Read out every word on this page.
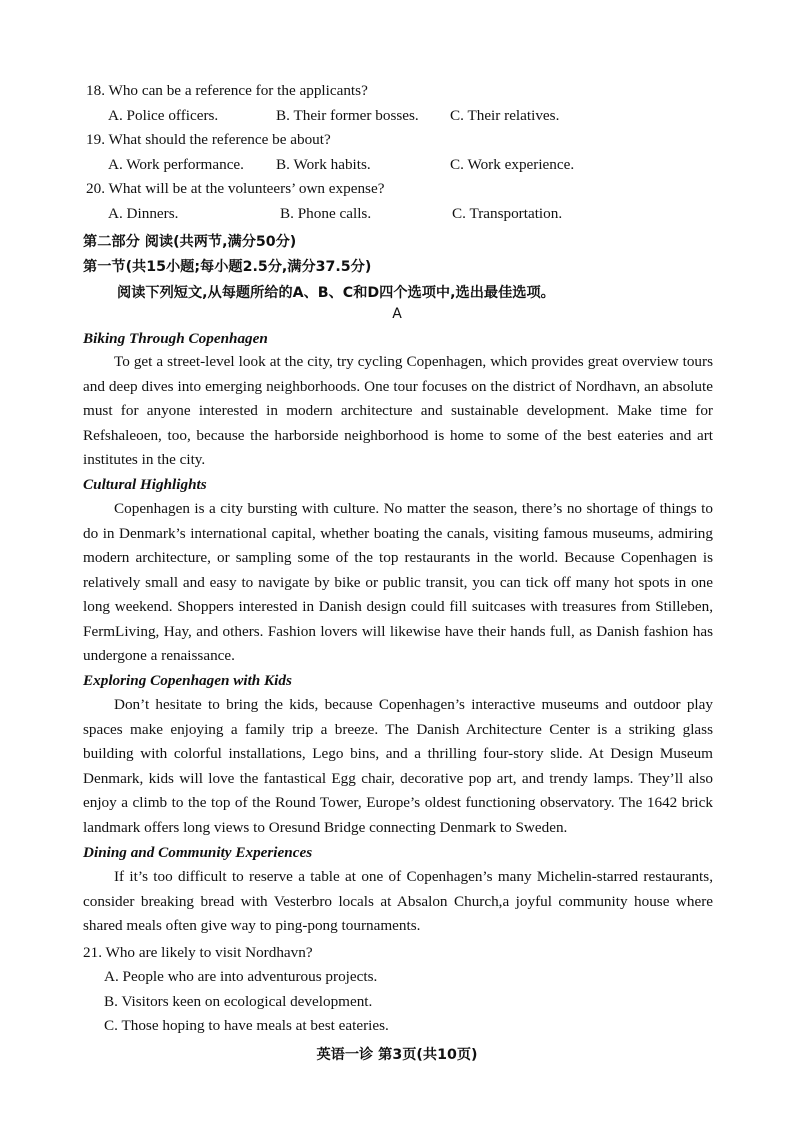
18. Who can be a reference for the applicants?
A. Police officers.	B. Their former bosses. C. Their relatives.
19. What should the reference be about?
A. Work performance. B. Work habits.	C. Work experience.
20. What will be at the volunteers’ own expense?
A. Dinners.	B. Phone calls.	C. Transportation.
第二部分 阅读(共两节,满分50分)
第一节(共15小题;每小题2.5分,满分37.5分)
阅读下列短文,从每题所给的A、B、C和D四个选项中,选出最佳选项。
A
Biking Through Copenhagen

To get a street-level look at the city, try cycling Copenhagen, which provides great overview tours and deep dives into emerging neighborhoods. One tour focuses on the district of Nordhavn, an absolute must for anyone interested in modern architecture and sustainable development. Make time for Refshaleoen, too, because the harborside neighborhood is home to some of the best eateries and art institutes in the city.

Cultural Highlights

Copenhagen is a city bursting with culture. No matter the season, there’s no shortage of things to do in Denmark’s international capital, whether boating the canals, visiting famous museums, admiring modern architecture, or sampling some of the top restaurants in the world. Because Copenhagen is relatively small and easy to navigate by bike or public transit, you can tick off many hot spots in one long weekend. Shoppers interested in Danish design could fill suitcases with treasures from Stilleben, FermLiving, Hay, and others. Fashion lovers will likewise have their hands full, as Danish fashion has undergone a renaissance.

Exploring Copenhagen with Kids

Don’t hesitate to bring the kids, because Copenhagen’s interactive museums and outdoor play spaces make enjoying a family trip a breeze. The Danish Architecture Center is a striking glass building with colorful installations, Lego bins, and a thrilling four-story slide. At Design Museum Denmark, kids will love the fantastical Egg chair, decorative pop art, and trendy lamps. They’ll also enjoy a climb to the top of the Round Tower, Europe’s oldest functioning observatory. The 1642 brick landmark offers long views to Oresund Bridge connecting Denmark to Sweden.

Dining and Community Experiences

If it’s too difficult to reserve a table at one of Copenhagen’s many Michelin-starred restaurants, consider breaking bread with Vesterbro locals at Absalon Church,a joyful community house where shared meals often give way to ping-pong tournaments.

21. Who are likely to visit Nordhavn?
A. People who are into adventurous projects.
B. Visitors keen on ecological development.
C. Those hoping to have meals at best eateries.
英语一诊 第3页(共10页)
